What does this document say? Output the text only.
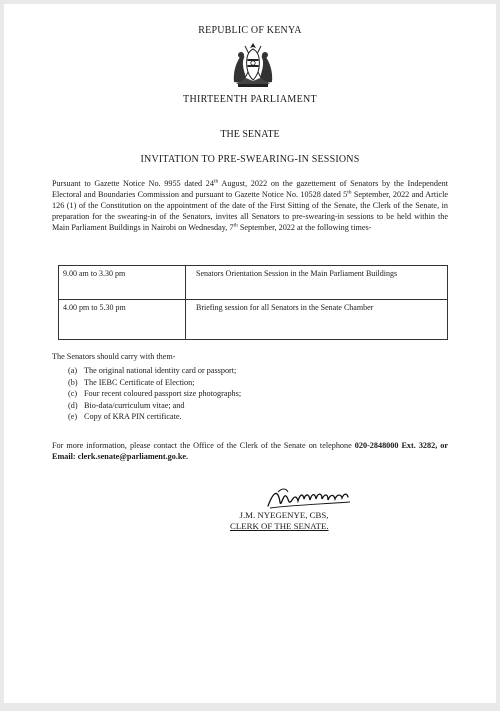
REPUBLIC OF KENYA
THIRTEENTH PARLIAMENT
THE SENATE
INVITATION TO PRE-SWEARING-IN SESSIONS

Pursuant to Gazette Notice No. 9955 dated 24th August, 2022 on the gazettement of Senators by the Independent Electoral and Boundaries Commission and pursuant to Gazette Notice No. 10528 dated 5th September, 2022 and Article 126 (1) of the Constitution on the appointment of the date of the First Sitting of the Senate, the Clerk of the Senate, in preparation for the swearing-in of the Senators, invites all Senators to pre-swearing-in sessions to be held within the Main Parliament Buildings in Nairobi on Wednesday, 7th September, 2022 at the following times-

9.00 am to 3.30 pm	Senators Orientation Session in the Main Parliament Buildings
4.00 pm to 5.30 pm	Briefing session for all Senators in the Senate Chamber
The Senators should carry with them-
(a) The original national identity card or passport;
(b) The IEBC Certificate of Election;
(c) Four recent coloured passport size photographs;
(d) Bio-data/curriculum vitae; and
(e) Copy of KRA PIN certificate.

For more information, please contact the Office of the Clerk of the Senate on telephone 020-2848000 Ext. 3282, or Email: clerk.senate@parliament.go.ke.

J.M. NYEGENYE, CBS,
CLERK OF THE SENATE.
